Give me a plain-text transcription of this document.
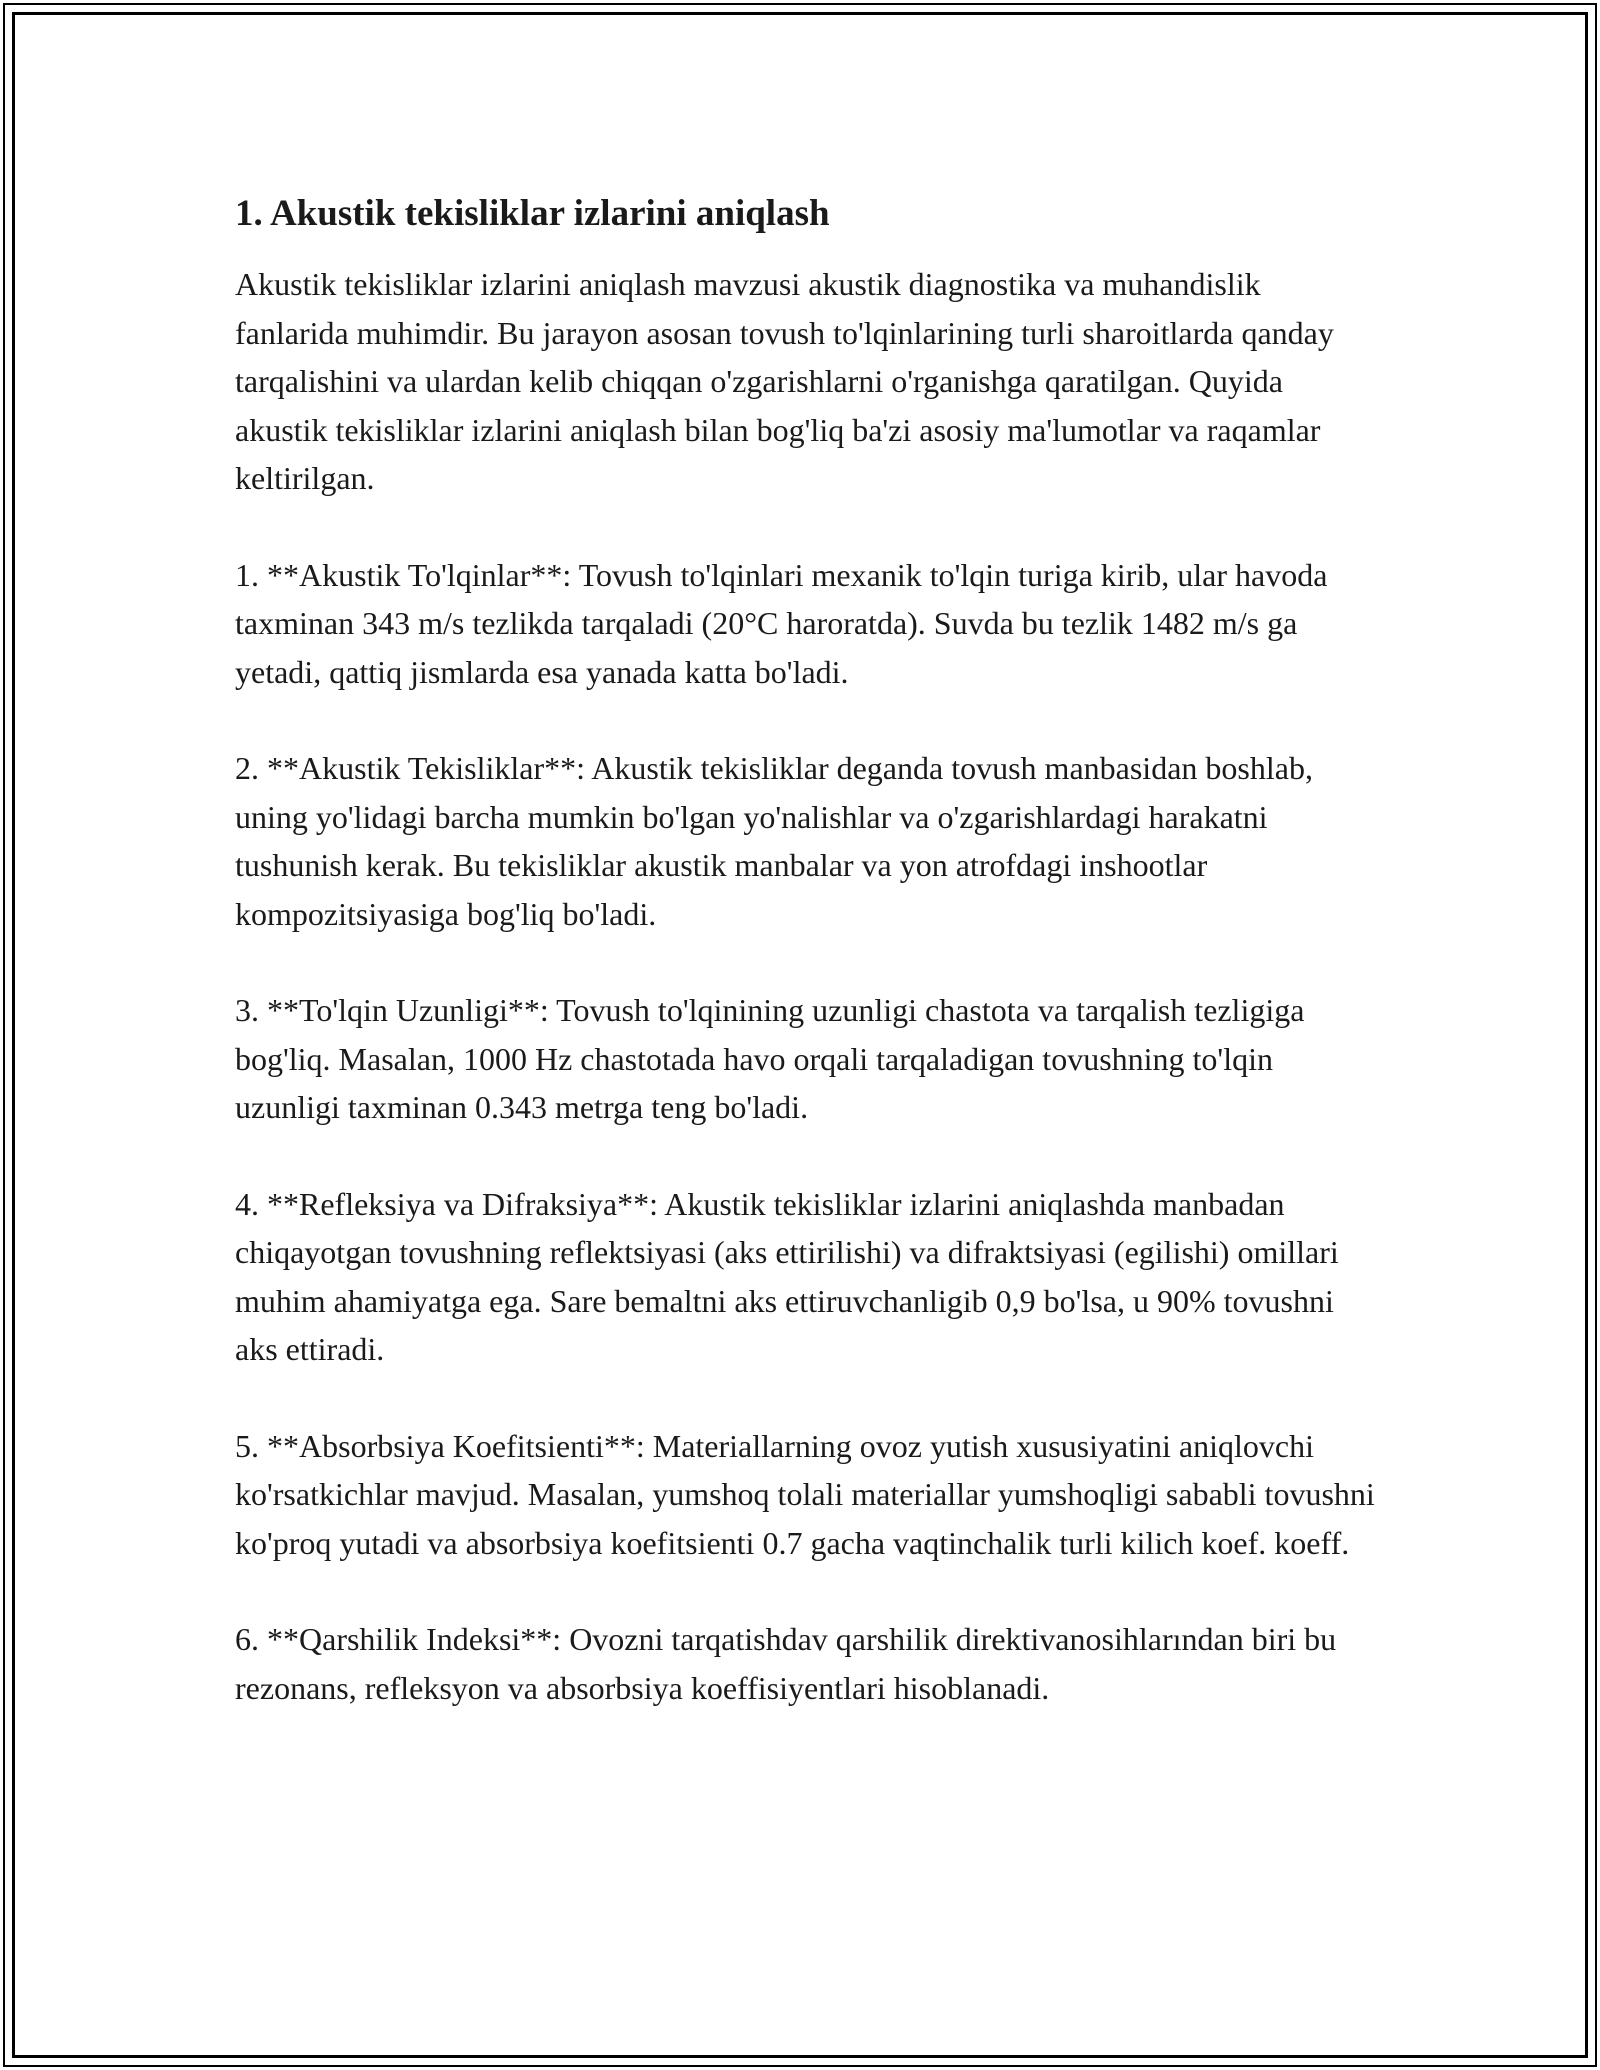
1. Akustik tekisliklar izlarini aniqlash

Akustik tekisliklar izlarini aniqlash mavzusi akustik diagnostika va muhandislik fanlarida muhimdir. Bu jarayon asosan tovush to'lqinlarining turli sharoitlarda qanday tarqalishini va ulardan kelib chiqqan o'zgarishlarni o'rganishga qaratilgan. Quyida akustik tekisliklar izlarini aniqlash bilan bog'liq ba'zi asosiy ma'lumotlar va raqamlar keltirilgan.

1. **Akustik To'lqinlar**: Tovush to'lqinlari mexanik to'lqin turiga kirib, ular havoda taxminan 343 m/s tezlikda tarqaladi (20°C haroratda). Suvda bu tezlik 1482 m/s ga yetadi, qattiq jismlarda esa yanada katta bo'ladi.

2. **Akustik Tekisliklar**: Akustik tekisliklar deganda tovush manbasidan boshlab, uning yo'lidagi barcha mumkin bo'lgan yo'nalishlar va o'zgarishlardagi harakatni tushunish kerak. Bu tekisliklar akustik manbalar va yon atrofdagi inshootlar kompozitsiyasiga bog'liq bo'ladi.

3. **To'lqin Uzunligi**: Tovush to'lqinining uzunligi chastota va tarqalish tezligiga bog'liq. Masalan, 1000 Hz chastotada havo orqali tarqaladigan tovushning to'lqin uzunligi taxminan 0.343 metrga teng bo'ladi.

4. **Refleksiya va Difraksiya**: Akustik tekisliklar izlarini aniqlashda manbadan chiqayotgan tovushning reflektsiyasi (aks ettirilishi) va difraktsiyasi (egilishi) omillari muhim ahamiyatga ega. Sare bemaltni aks ettiruvchanligib 0,9 bo'lsa, u 90% tovushni aks ettiradi.

5. **Absorbsiya Koefitsienti**: Materiallarning ovoz yutish xususiyatini aniqlovchi ko'rsatkichlar mavjud. Masalan, yumshoq tolali materiallar yumshoqligi sababli tovushni ko'proq yutadi va absorbsiya koefitsienti 0.7 gacha vaqtinchalik turli kilich koef. koeff.

6. **Qarshilik Indeksi**: Ovozni tarqatishdav qarshilik direktivanosihlarından biri bu rezonans, refleksyon va absorbsiya koeffisiyentlari hisoblanadi.
